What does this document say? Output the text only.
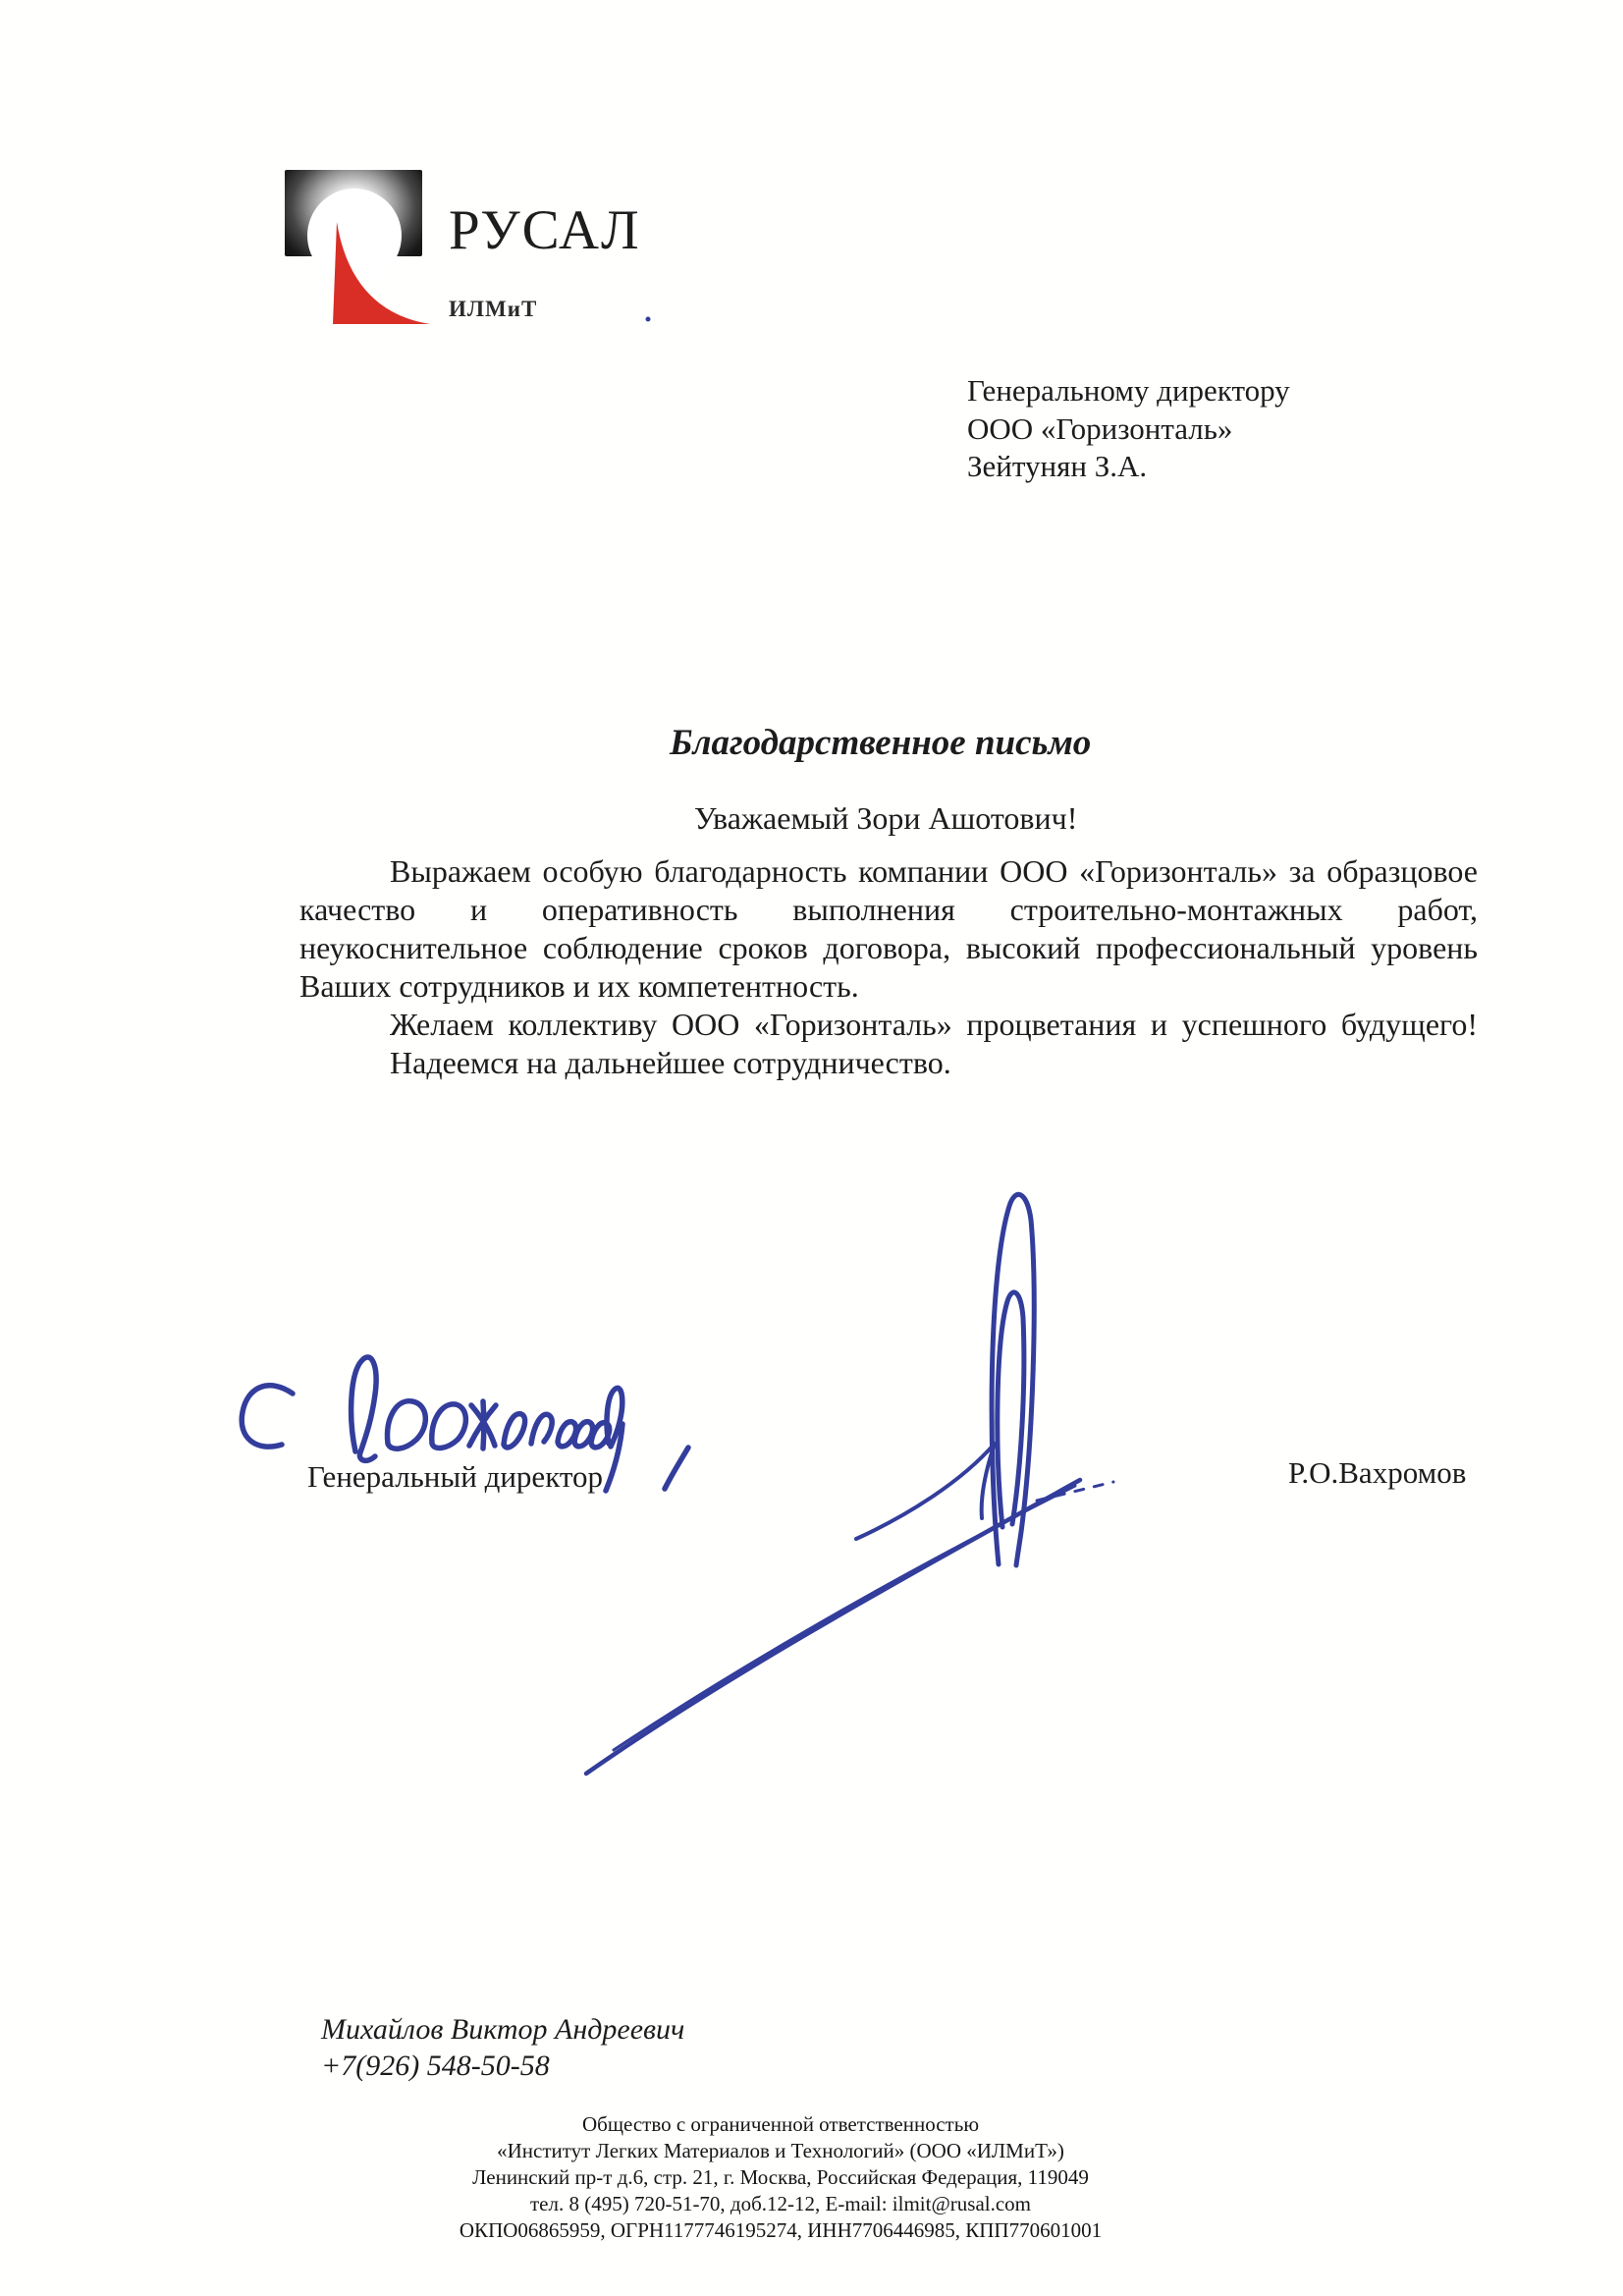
РУСАЛ
ИЛМиТ
Генеральному директору
ООО «Горизонталь»
Зейтунян З.А.
Благодарственное письмо
Уважаемый Зори Ашотович!
Выражаем особую благодарность компании ООО «Горизонталь» за образцовое
качество и оперативность выполнения строительно-монтажных работ,
неукоснительное соблюдение сроков договора, высокий профессиональный уровень
Ваших сотрудников и их компетентность.
Желаем коллективу ООО «Горизонталь» процветания и успешного будущего!
Надеемся на дальнейшее сотрудничество.
Генеральный директор	Р.О.Вахромов
Михайлов Виктор Андреевич
+7(926) 548-50-58
Общество с ограниченной ответственностью
«Институт Легких Материалов и Технологий» (ООО «ИЛМиТ»)
Ленинский пр-т д.6, стр. 21, г. Москва, Российская Федерация, 119049
тел. 8 (495) 720-51-70, доб.12-12, E-mail: ilmit@rusal.com
ОКПО06865959, ОГРН1177746195274, ИНН7706446985, КПП770601001
